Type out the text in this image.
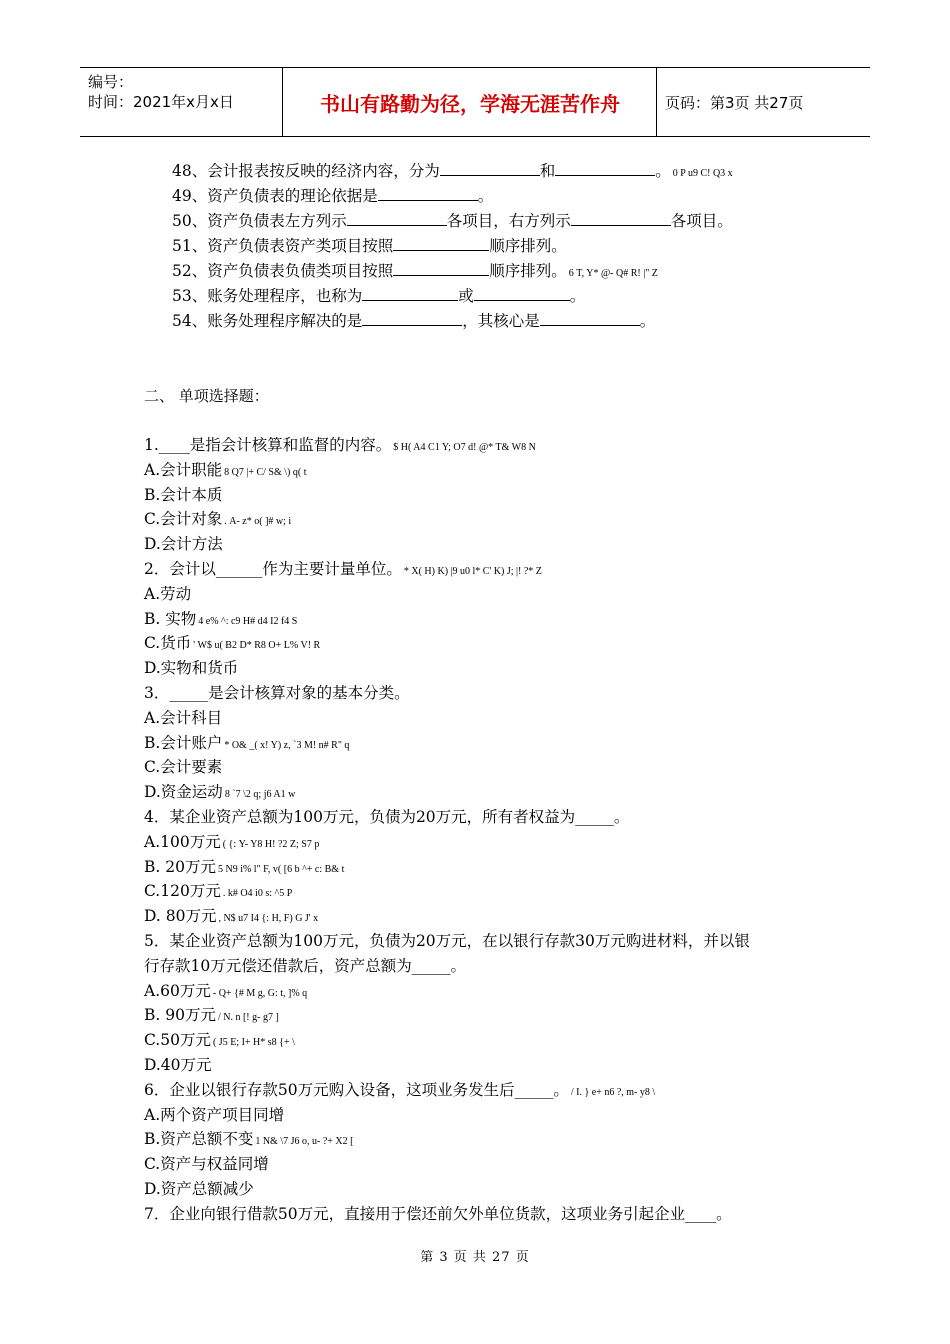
编号：
时间：2021年x月x日	书山有路勤为径，学海无涯苦作舟	页码：第3页 共27页
48、会计报表按反映的经济内容，分为	和	。 0 P u9 C! Q3 x
49、资产负债表的理论依据是	。
50、资产负债表左方列示	各项目，右方列示	各项目。
51、资产负债表资产类项目按照	顺序排列。
52、资产负债表负债类项目按照	顺序排列。 6 T, Y* @- Q# R! |" Z
53、账务处理程序，也称为	或	。
54、账务处理程序解决的是	，其核心是	。
二、 单项选择题：
1.____是指会计核算和监督的内容。 $ H( A4 C1 Y; O7 d! @* T& W8 N
A.会计职能 8 Q7 |+ C/ S& \) q( t
B.会计本质
C.会计对象 . A- z* o( ]# w; i
D.会计方法
2．会计以______作为主要计量单位。 * X( H) K) |9 u0 l* C' K) J; |! ?* Z
A.劳动
B. 实物 4 e% ^: c9 H# d4 I2 f4 S
C.货币 ' W$ u( B2 D* R8 O+ L% V! R
D.实物和货币
3．_____是会计核算对象的基本分类。
A.会计科目
B.会计账户 * O& _( x! Y) z, `3 M! n# R" q
C.会计要素
D.资金运动 8 `7 \2 q; j6 A1 w
4．某企业资产总额为100万元，负债为20万元，所有者权益为_____。
A.100万元 ( {: Y- Y8 H! ?2 Z; S7 p
B. 20万元 5 N9 i% l" F, v( [6 b ^+ c: B& t
C.120万元 . k# O4 i0 s: ^5 P
D. 80万元 , N$ u7 I4 {: H, F) G J' x
5．某企业资产总额为100万元，负债为20万元，在以银行存款30万元购进材料，并以银
行存款10万元偿还借款后，资产总额为_____。
A.60万元 - Q+ {# M g, G: t, ]% q
B. 90万元 / N. n [! g- g7 ]
C.50万元 ( J5 E; I+ H* s8 {+ \
D.40万元
6．企业以银行存款50万元购入设备，这项业务发生后_____。 / I. } e+ n6 ?, m- y8 \
A.两个资产项目同增
B.资产总额不变 1 N& \7 J6 o, u- ?+ X2 [
C.资产与权益同增
D.资产总额减少
7．企业向银行借款50万元，直接用于偿还前欠外单位货款，这项业务引起企业____。
第 3 页 共 27 页
